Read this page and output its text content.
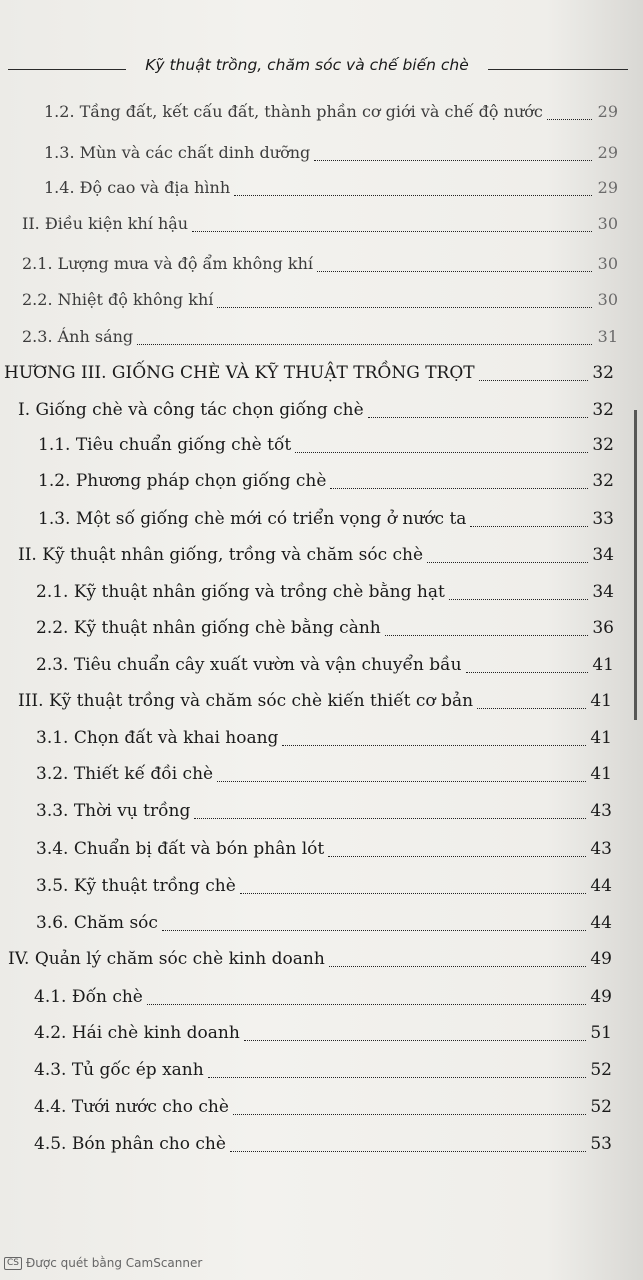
Kỹ thuật trồng, chăm sóc và chế biến chè
1.2. Tầng đất, kết cấu đất, thành phần cơ giới và chế độ nước	29
1.3. Mùn và các chất dinh dưỡng	29
1.4. Độ cao và địa hình	29
II. Điều kiện khí hậu	30
2.1. Lượng mưa và độ ẩm không khí	30
2.2. Nhiệt độ không khí	30
2.3. Ánh sáng	31
HƯƠNG III. GIỐNG CHÈ VÀ KỸ THUẬT TRỒNG TRỌT	32
I. Giống chè và công tác chọn giống chè	32
1.1. Tiêu chuẩn giống chè tốt	32
1.2. Phương pháp chọn giống chè	32
1.3. Một số giống chè mới có triển vọng ở nước ta	33
II. Kỹ thuật nhân giống, trồng và chăm sóc chè	34
2.1. Kỹ thuật nhân giống và trồng chè bằng hạt	34
2.2. Kỹ thuật nhân giống chè bằng cành	36
2.3. Tiêu chuẩn cây xuất vườn và vận chuyển bầu	41
III. Kỹ thuật trồng và chăm sóc chè kiến thiết cơ bản	41
3.1. Chọn đất và khai hoang	41
3.2. Thiết kế đồi chè	41
3.3. Thời vụ trồng	43
3.4. Chuẩn bị đất và bón phân lót	43
3.5. Kỹ thuật trồng chè	44
3.6. Chăm sóc	44
IV. Quản lý chăm sóc chè kinh doanh	49
4.1. Đốn chè	49
4.2. Hái chè kinh doanh	51
4.3. Tủ gốc ép xanh	52
4.4. Tưới nước cho chè	52
4.5. Bón phân cho chè	53
CS Được quét bằng CamScanner
